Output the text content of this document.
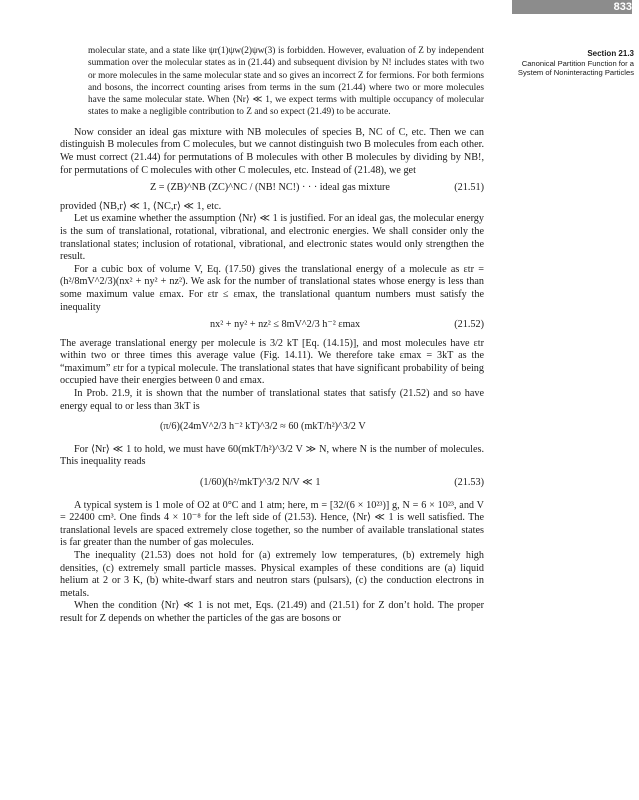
833
Section 21.3
Canonical Partition Function for a
System of Noninteracting Particles

molecular state, and a state like ψr(1)ψw(2)ψw(3) is forbidden. However, evaluation of Z by independent summation over the molecular states as in (21.44) and subsequent division by N! includes states with two or more molecules in the same molecular state and so gives an incorrect Z for fermions. For both fermions and bosons, the incorrect counting arises from terms in the sum (21.44) where two or more molecules have the same molecular state. When ⟨Nr⟩ ≪ 1, we expect terms with multiple occupancy of molecular states to make a negligible contribution to Z and so expect (21.49) to be accurate.

Now consider an ideal gas mixture with NB molecules of species B, NC of C, etc. Then we can distinguish B molecules from C molecules, but we cannot distinguish two B molecules from each other. We must correct (21.44) for permutations of B molecules with other B molecules by dividing by NB!, for permutations of C molecules with other C molecules, etc. Instead of (21.48), we get

Z = (ZB)^NB (ZC)^NC / (NB! NC!) · · · ideal gas mixture	(21.51)

provided ⟨NB,r⟩ ≪ 1, ⟨NC,r⟩ ≪ 1, etc.

Let us examine whether the assumption ⟨Nr⟩ ≪ 1 is justified. For an ideal gas, the molecular energy is the sum of translational, rotational, vibrational, and electronic energies. We shall consider only the translational states; inclusion of rotational, vibrational, and electronic states would only strengthen the result.

For a cubic box of volume V, Eq. (17.50) gives the translational energy of a molecule as εtr = (h²/8mV^2/3)(nx² + ny² + nz²). We ask for the number of translational states whose energy is less than some maximum value εmax. For εtr ≤ εmax, the translational quantum numbers must satisfy the inequality

nx² + ny² + nz² ≤ 8mV^2/3 h⁻² εmax	(21.52)

The average translational energy per molecule is 3/2 kT [Eq. (14.15)], and most molecules have εtr within two or three times this average value (Fig. 14.11). We therefore take εmax = 3kT as the “maximum” εtr for a typical molecule. The translational states that have significant probability of being occupied have their energies between 0 and εmax.

In Prob. 21.9, it is shown that the number of translational states that satisfy (21.52) and so have energy equal to or less than 3kT is

(π/6)(24mV^2/3 h⁻² kT)^3/2 ≈ 60 (mkT/h²)^3/2 V

For ⟨Nr⟩ ≪ 1 to hold, we must have 60(mkT/h²)^3/2 V ≫ N, where N is the number of molecules. This inequality reads

(1/60)(h²/mkT)^3/2 N/V ≪ 1	(21.53)

A typical system is 1 mole of O2 at 0°C and 1 atm; here, m = [32/(6 × 10²³)] g, N = 6 × 10²³, and V = 22400 cm³. One finds 4 × 10⁻⁸ for the left side of (21.53). Hence, ⟨Nr⟩ ≪ 1 is well satisfied. The translational levels are spaced extremely close together, so the number of available translational states is far greater than the number of gas molecules.

The inequality (21.53) does not hold for (a) extremely low temperatures, (b) extremely high densities, (c) extremely small particle masses. Physical examples of these conditions are (a) liquid helium at 2 or 3 K, (b) white-dwarf stars and neutron stars (pulsars), (c) the conduction electrons in metals.

When the condition ⟨Nr⟩ ≪ 1 is not met, Eqs. (21.49) and (21.51) for Z don’t hold. The proper result for Z depends on whether the particles of the gas are bosons or
